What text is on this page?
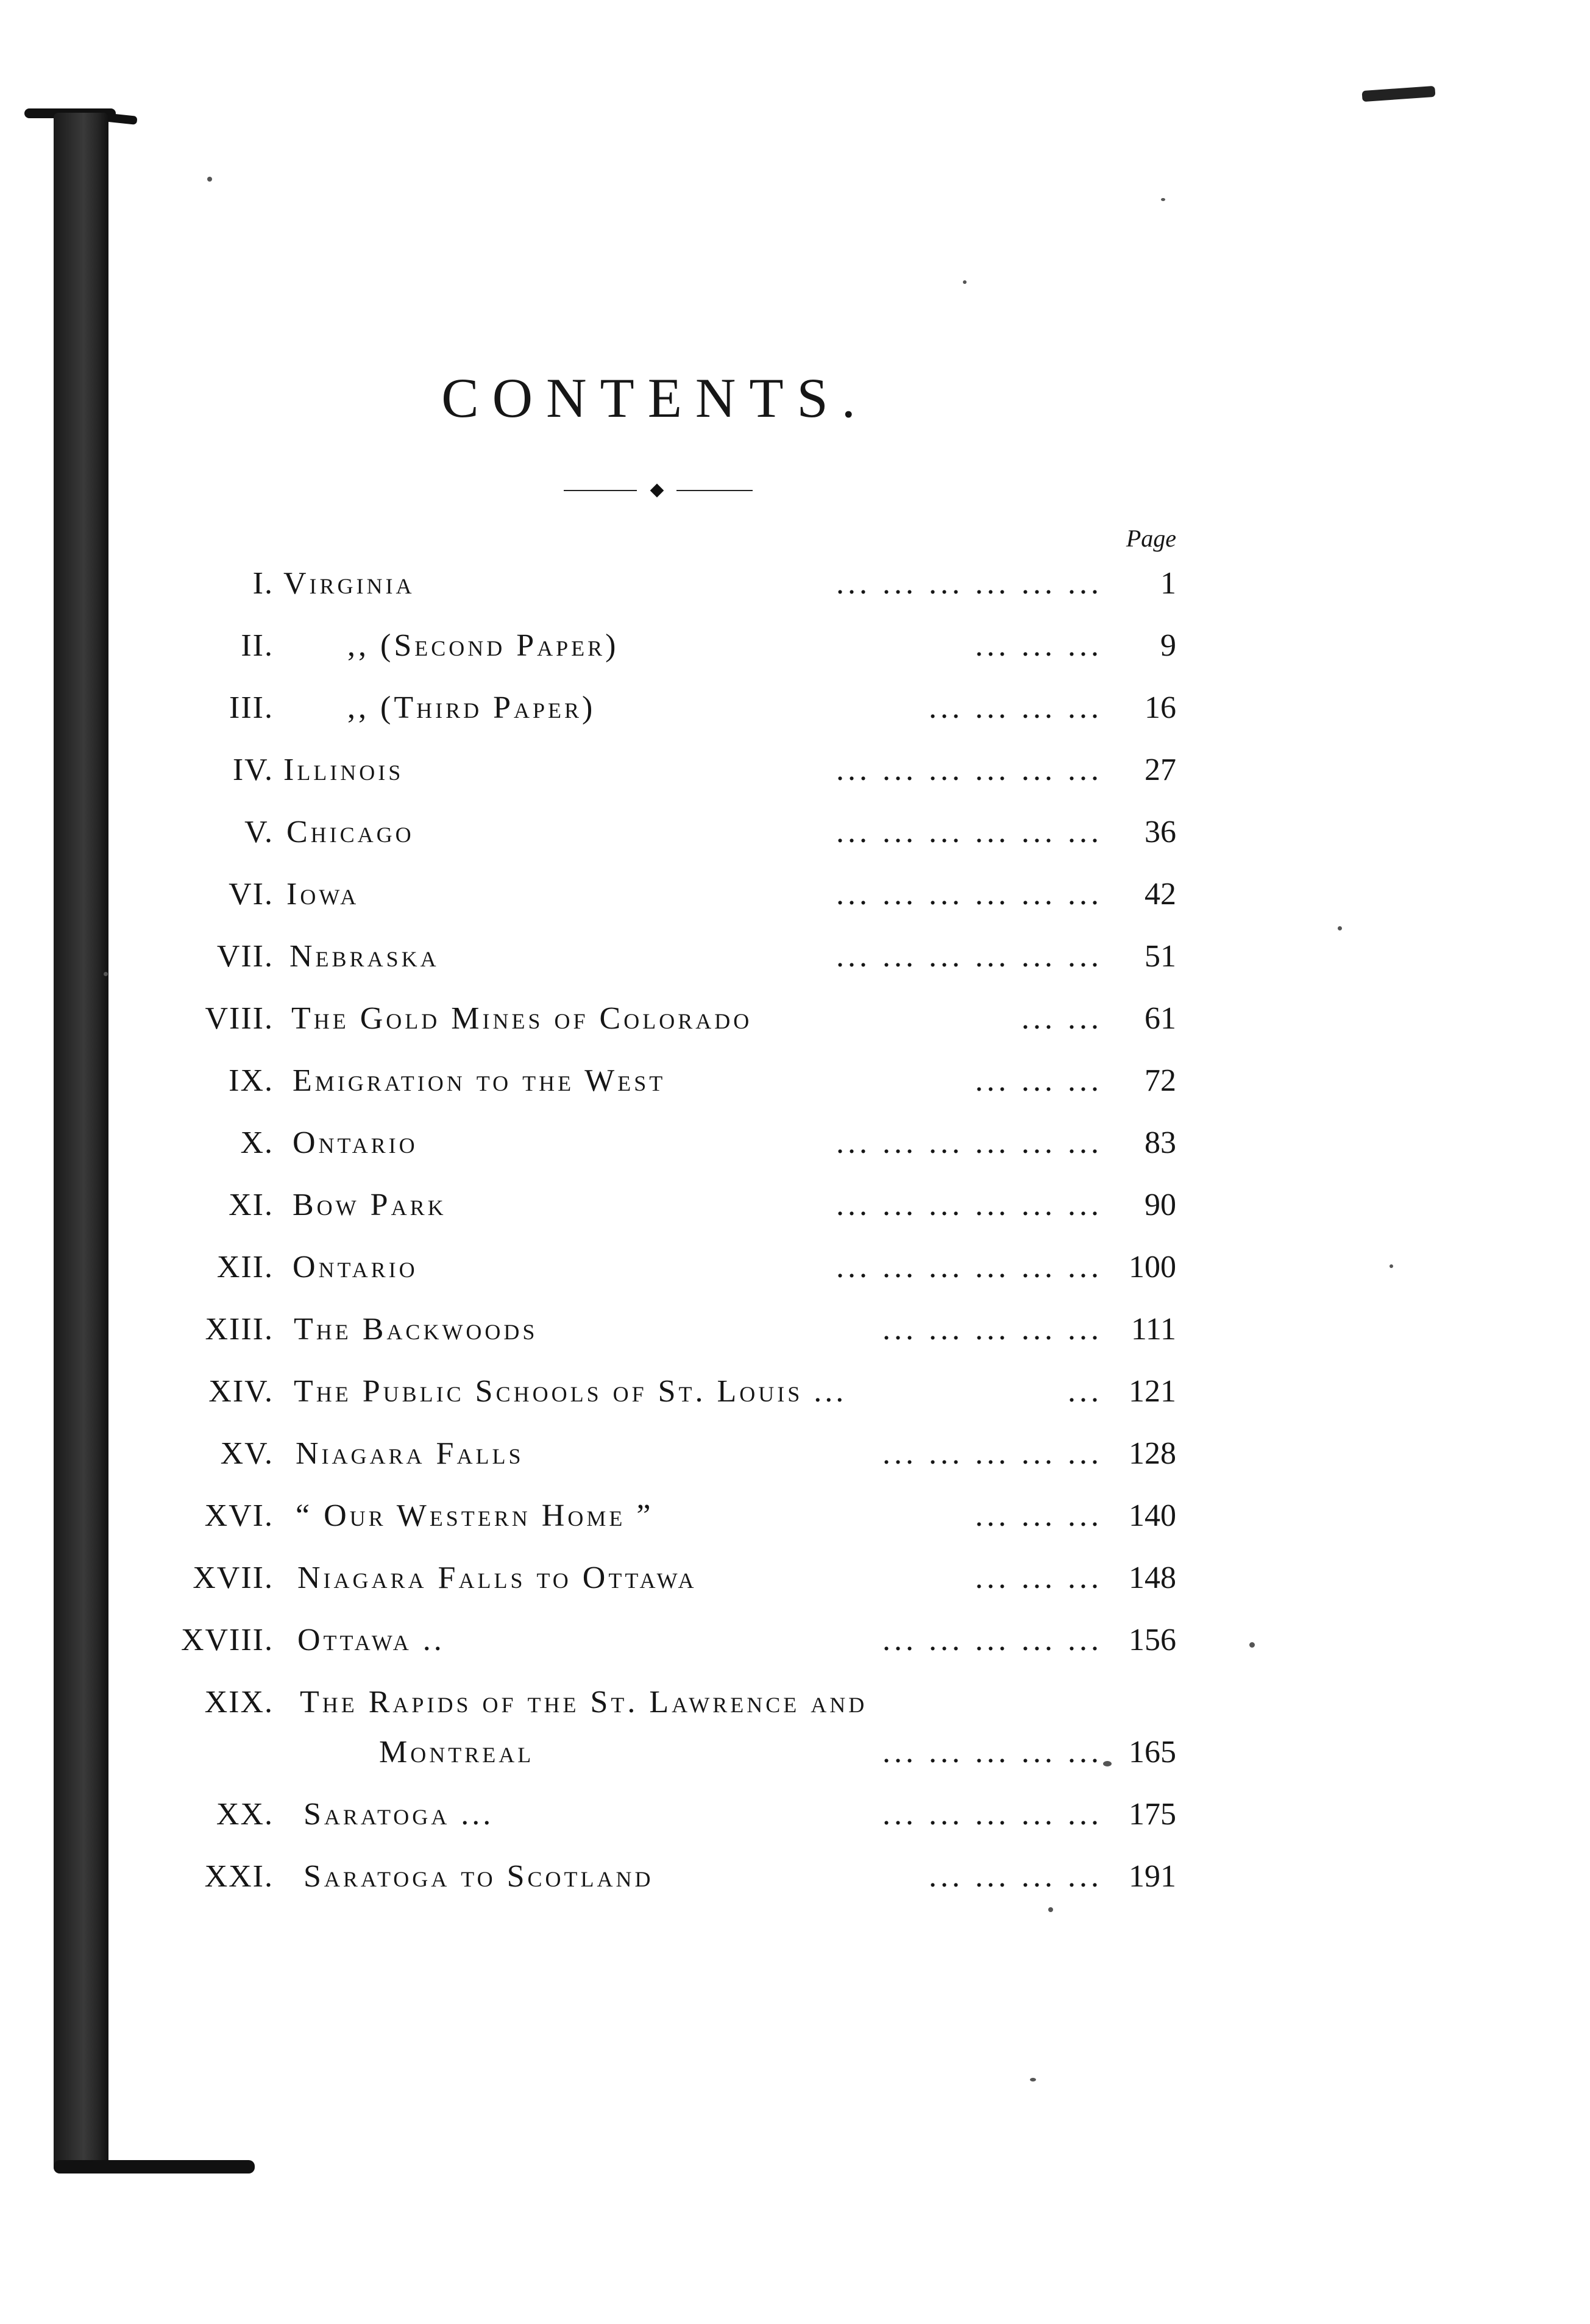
CONTENTS.
Page
I. Virginia	... ... ... ... ... ...	1
II. ,, (Second Paper)	... ... ...	9
III. ,, (Third Paper)	... ... ... ...	16
IV. Illinois	... ... ... ... ... ...	27
V. Chicago	... ... ... ... ... ...	36
VI. Iowa	... ... ... ... ... ...	42
VII. Nebraska	... ... ... ... ... ...	51
VIII. The Gold Mines of Colorado	... ...	61
IX. Emigration to the West	... ... ...	72
X. Ontario	... ... ... ... ... ...	83
XI. Bow Park	... ... ... ... ... ...	90
XII. Ontario	... ... ... ... ... ... 100
XIII. The Backwoods	... ... ... ... ... 111
XIV. The Public Schools of St. Louis ...	... 121
XV. Niagara Falls	... ... ... ... ... 128
XVI. “ Our Western Home ”	... ... ... 140
XVII. Niagara Falls to Ottawa	... ... ... 148
XVIII. Ottawa ..	... ... ... ... ... 156
XIX. The Rapids of the St. Lawrence and
Montreal	... ... ... ... ... 165
XX. Saratoga ...	... ... ... ... ... 175
XXI. Saratoga to Scotland	... ... ... ... 191
